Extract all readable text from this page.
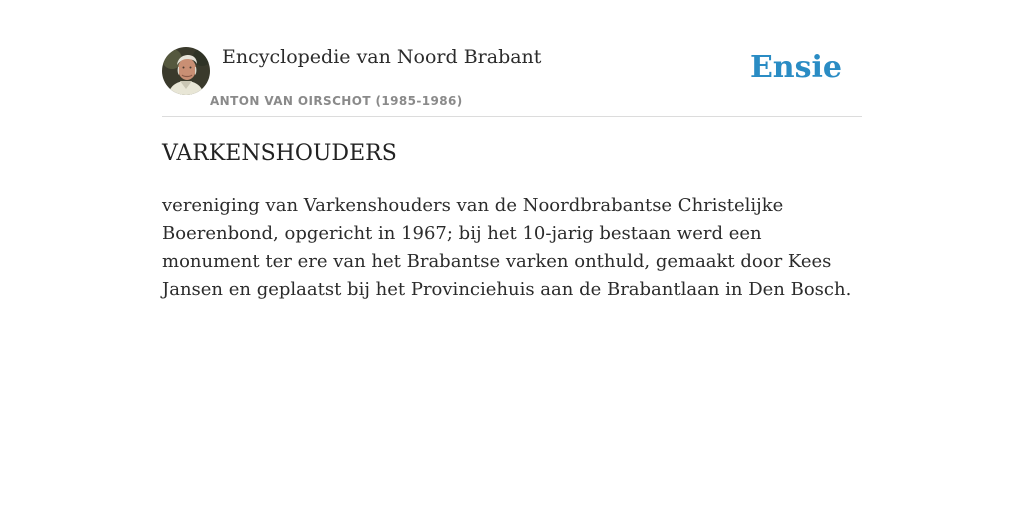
Encyclopedie van Noord Brabant
ANTON VAN OIRSCHOT (1985-1986)
Ensie
VARKENSHOUDERS

vereniging van Varkenshouders van de Noordbrabantse Christelijke Boerenbond, opgericht in 1967; bij het 10-jarig bestaan werd een monument ter ere van het Brabantse varken onthuld, gemaakt door Kees Jansen en geplaatst bij het Provinciehuis aan de Brabantlaan in Den Bosch.
